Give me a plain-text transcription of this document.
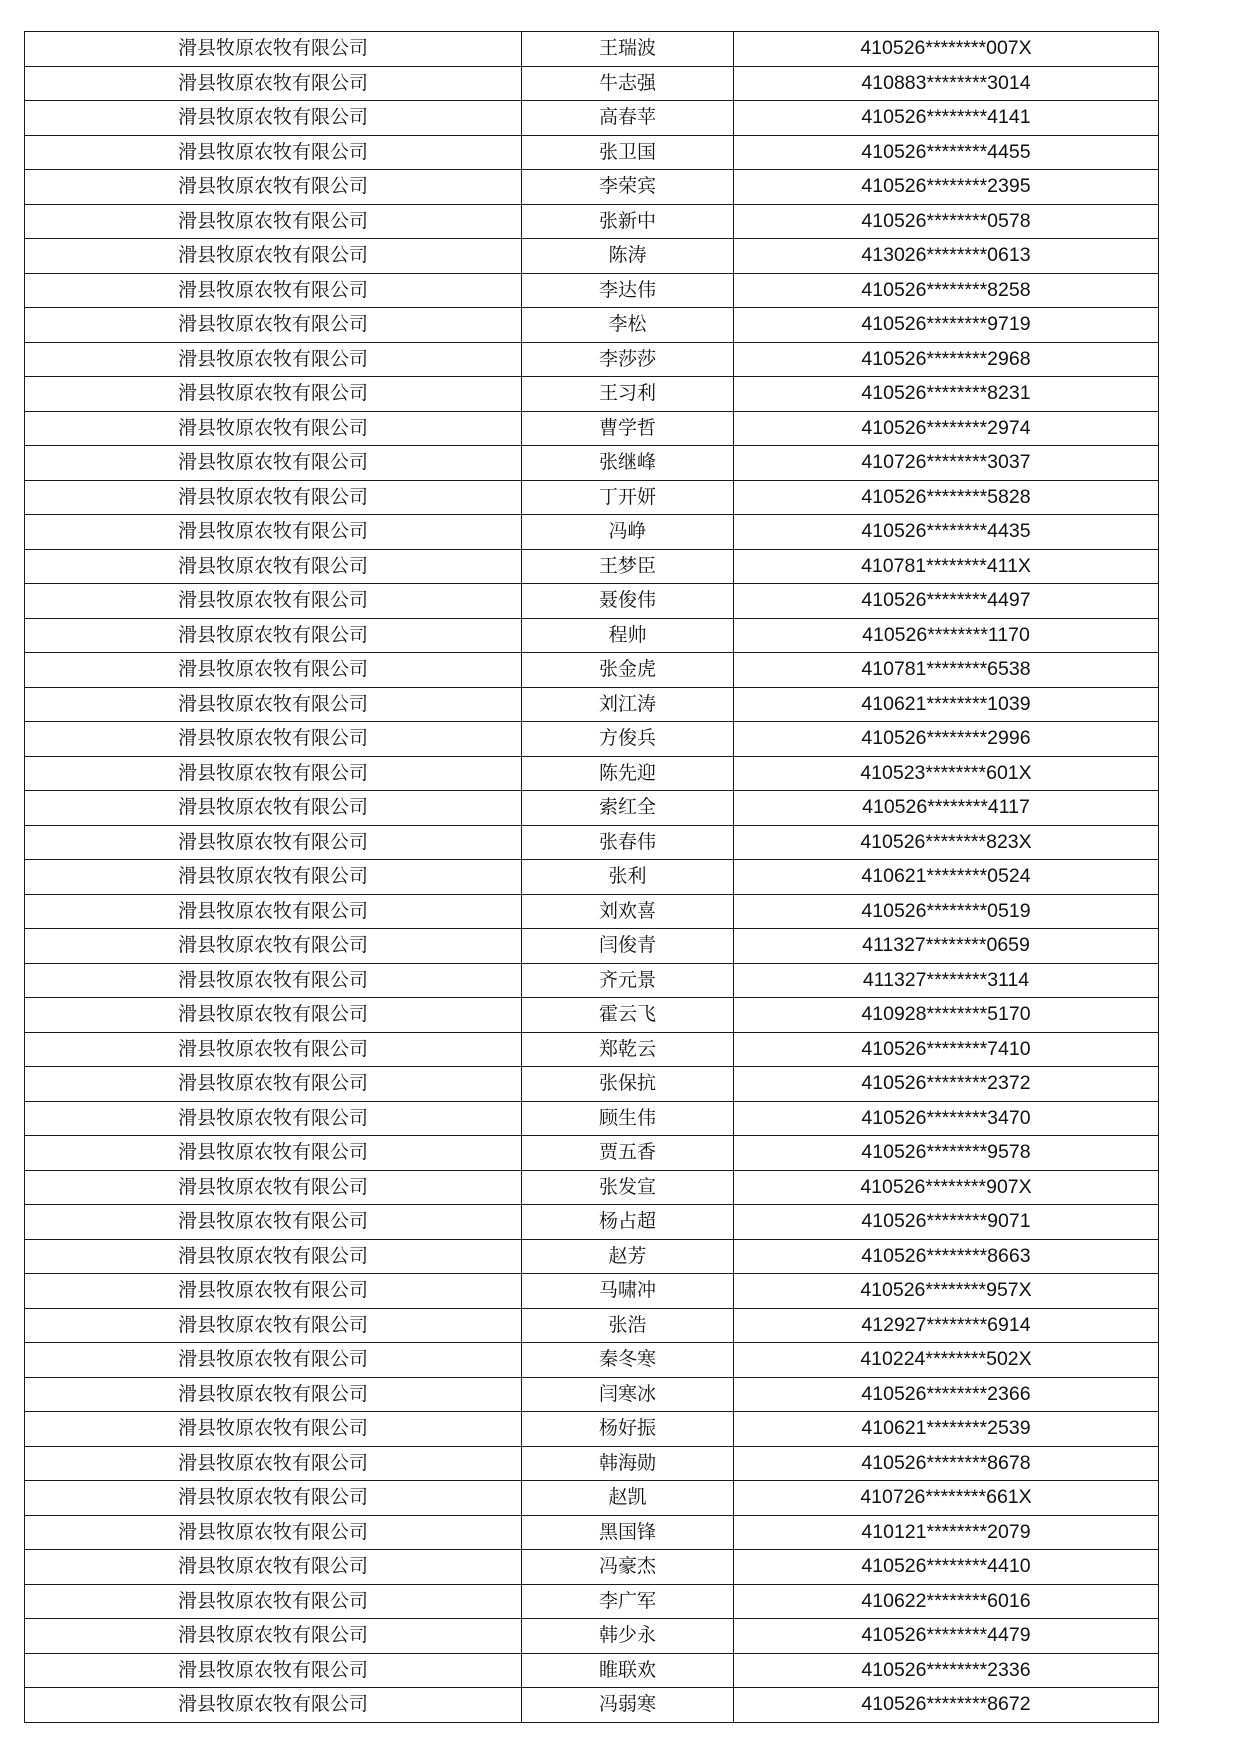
滑县牧原农牧有限公司	王瑞波	410526********007X
滑县牧原农牧有限公司	牛志强	410883********3014
滑县牧原农牧有限公司	高春苹	410526********4141
滑县牧原农牧有限公司	张卫国	410526********4455
滑县牧原农牧有限公司	李荣宾	410526********2395
滑县牧原农牧有限公司	张新中	410526********0578
滑县牧原农牧有限公司	陈涛	413026********0613
滑县牧原农牧有限公司	李达伟	410526********8258
滑县牧原农牧有限公司	李松	410526********9719
滑县牧原农牧有限公司	李莎莎	410526********2968
滑县牧原农牧有限公司	王习利	410526********8231
滑县牧原农牧有限公司	曹学哲	410526********2974
滑县牧原农牧有限公司	张继峰	410726********3037
滑县牧原农牧有限公司	丁开妍	410526********5828
滑县牧原农牧有限公司	冯峥	410526********4435
滑县牧原农牧有限公司	王梦臣	410781********411X
滑县牧原农牧有限公司	聂俊伟	410526********4497
滑县牧原农牧有限公司	程帅	410526********1170
滑县牧原农牧有限公司	张金虎	410781********6538
滑县牧原农牧有限公司	刘江涛	410621********1039
滑县牧原农牧有限公司	方俊兵	410526********2996
滑县牧原农牧有限公司	陈先迎	410523********601X
滑县牧原农牧有限公司	索红全	410526********4117
滑县牧原农牧有限公司	张春伟	410526********823X
滑县牧原农牧有限公司	张利	410621********0524
滑县牧原农牧有限公司	刘欢喜	410526********0519
滑县牧原农牧有限公司	闫俊青	411327********0659
滑县牧原农牧有限公司	齐元景	411327********3114
滑县牧原农牧有限公司	霍云飞	410928********5170
滑县牧原农牧有限公司	郑乾云	410526********7410
滑县牧原农牧有限公司	张保抗	410526********2372
滑县牧原农牧有限公司	顾生伟	410526********3470
滑县牧原农牧有限公司	贾五香	410526********9578
滑县牧原农牧有限公司	张发宣	410526********907X
滑县牧原农牧有限公司	杨占超	410526********9071
滑县牧原农牧有限公司	赵芳	410526********8663
滑县牧原农牧有限公司	马啸冲	410526********957X
滑县牧原农牧有限公司	张浩	412927********6914
滑县牧原农牧有限公司	秦冬寒	410224********502X
滑县牧原农牧有限公司	闫寒冰	410526********2366
滑县牧原农牧有限公司	杨好振	410621********2539
滑县牧原农牧有限公司	韩海勋	410526********8678
滑县牧原农牧有限公司	赵凯	410726********661X
滑县牧原农牧有限公司	黑国锋	410121********2079
滑县牧原农牧有限公司	冯豪杰	410526********4410
滑县牧原农牧有限公司	李广军	410622********6016
滑县牧原农牧有限公司	韩少永	410526********4479
滑县牧原农牧有限公司	睢联欢	410526********2336
滑县牧原农牧有限公司	冯弱寒	410526********8672
